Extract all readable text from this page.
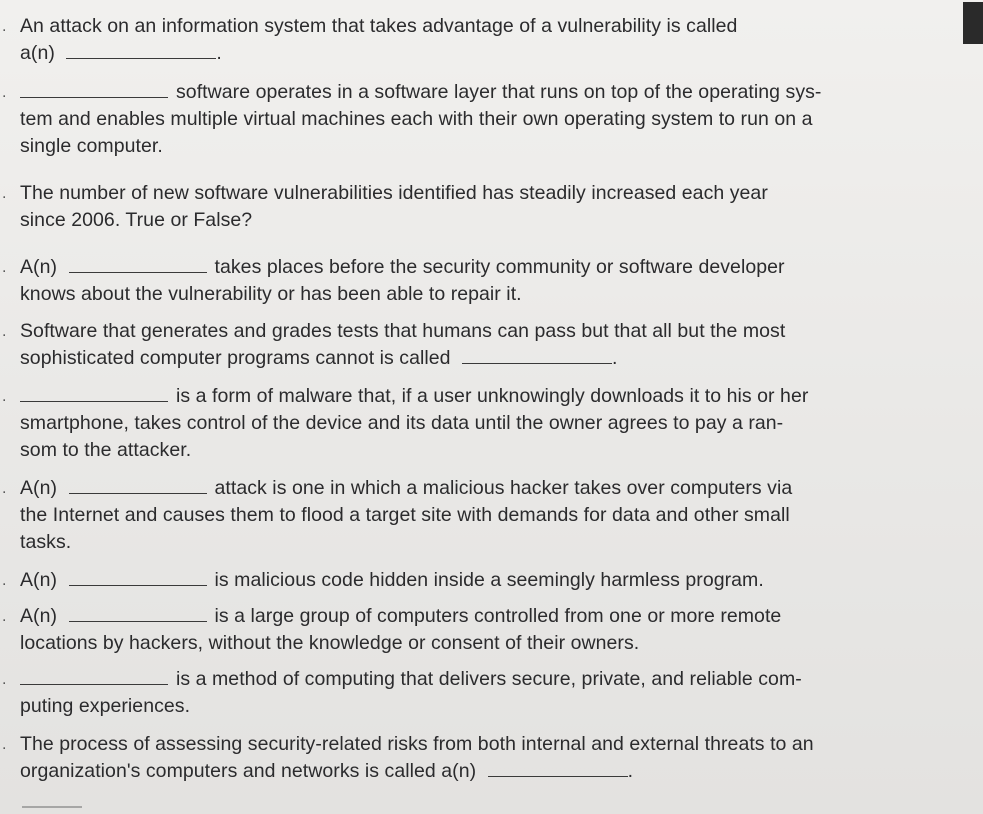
. An attack on an information system that takes advantage of a vulnerability is called
a(n)	.
.	software operates in a software layer that runs on top of the operating sys-
tem and enables multiple virtual machines each with their own operating system to run on a
single computer.
. The number of new software vulnerabilities identified has steadily increased each year
since 2006. True or False?
. A(n)	takes places before the security community or software developer
knows about the vulnerability or has been able to repair it.
. Software that generates and grades tests that humans can pass but that all but the most
sophisticated computer programs cannot is called	.
.	is a form of malware that, if a user unknowingly downloads it to his or her
smartphone, takes control of the device and its data until the owner agrees to pay a ran-
som to the attacker.
. A(n)	attack is one in which a malicious hacker takes over computers via
the Internet and causes them to flood a target site with demands for data and other small
tasks.
. A(n)	is malicious code hidden inside a seemingly harmless program.
. A(n)	is a large group of computers controlled from one or more remote
locations by hackers, without the knowledge or consent of their owners.
.	is a method of computing that delivers secure, private, and reliable com-
puting experiences.
. The process of assessing security-related risks from both internal and external threats to an
organization's computers and networks is called a(n)	.
